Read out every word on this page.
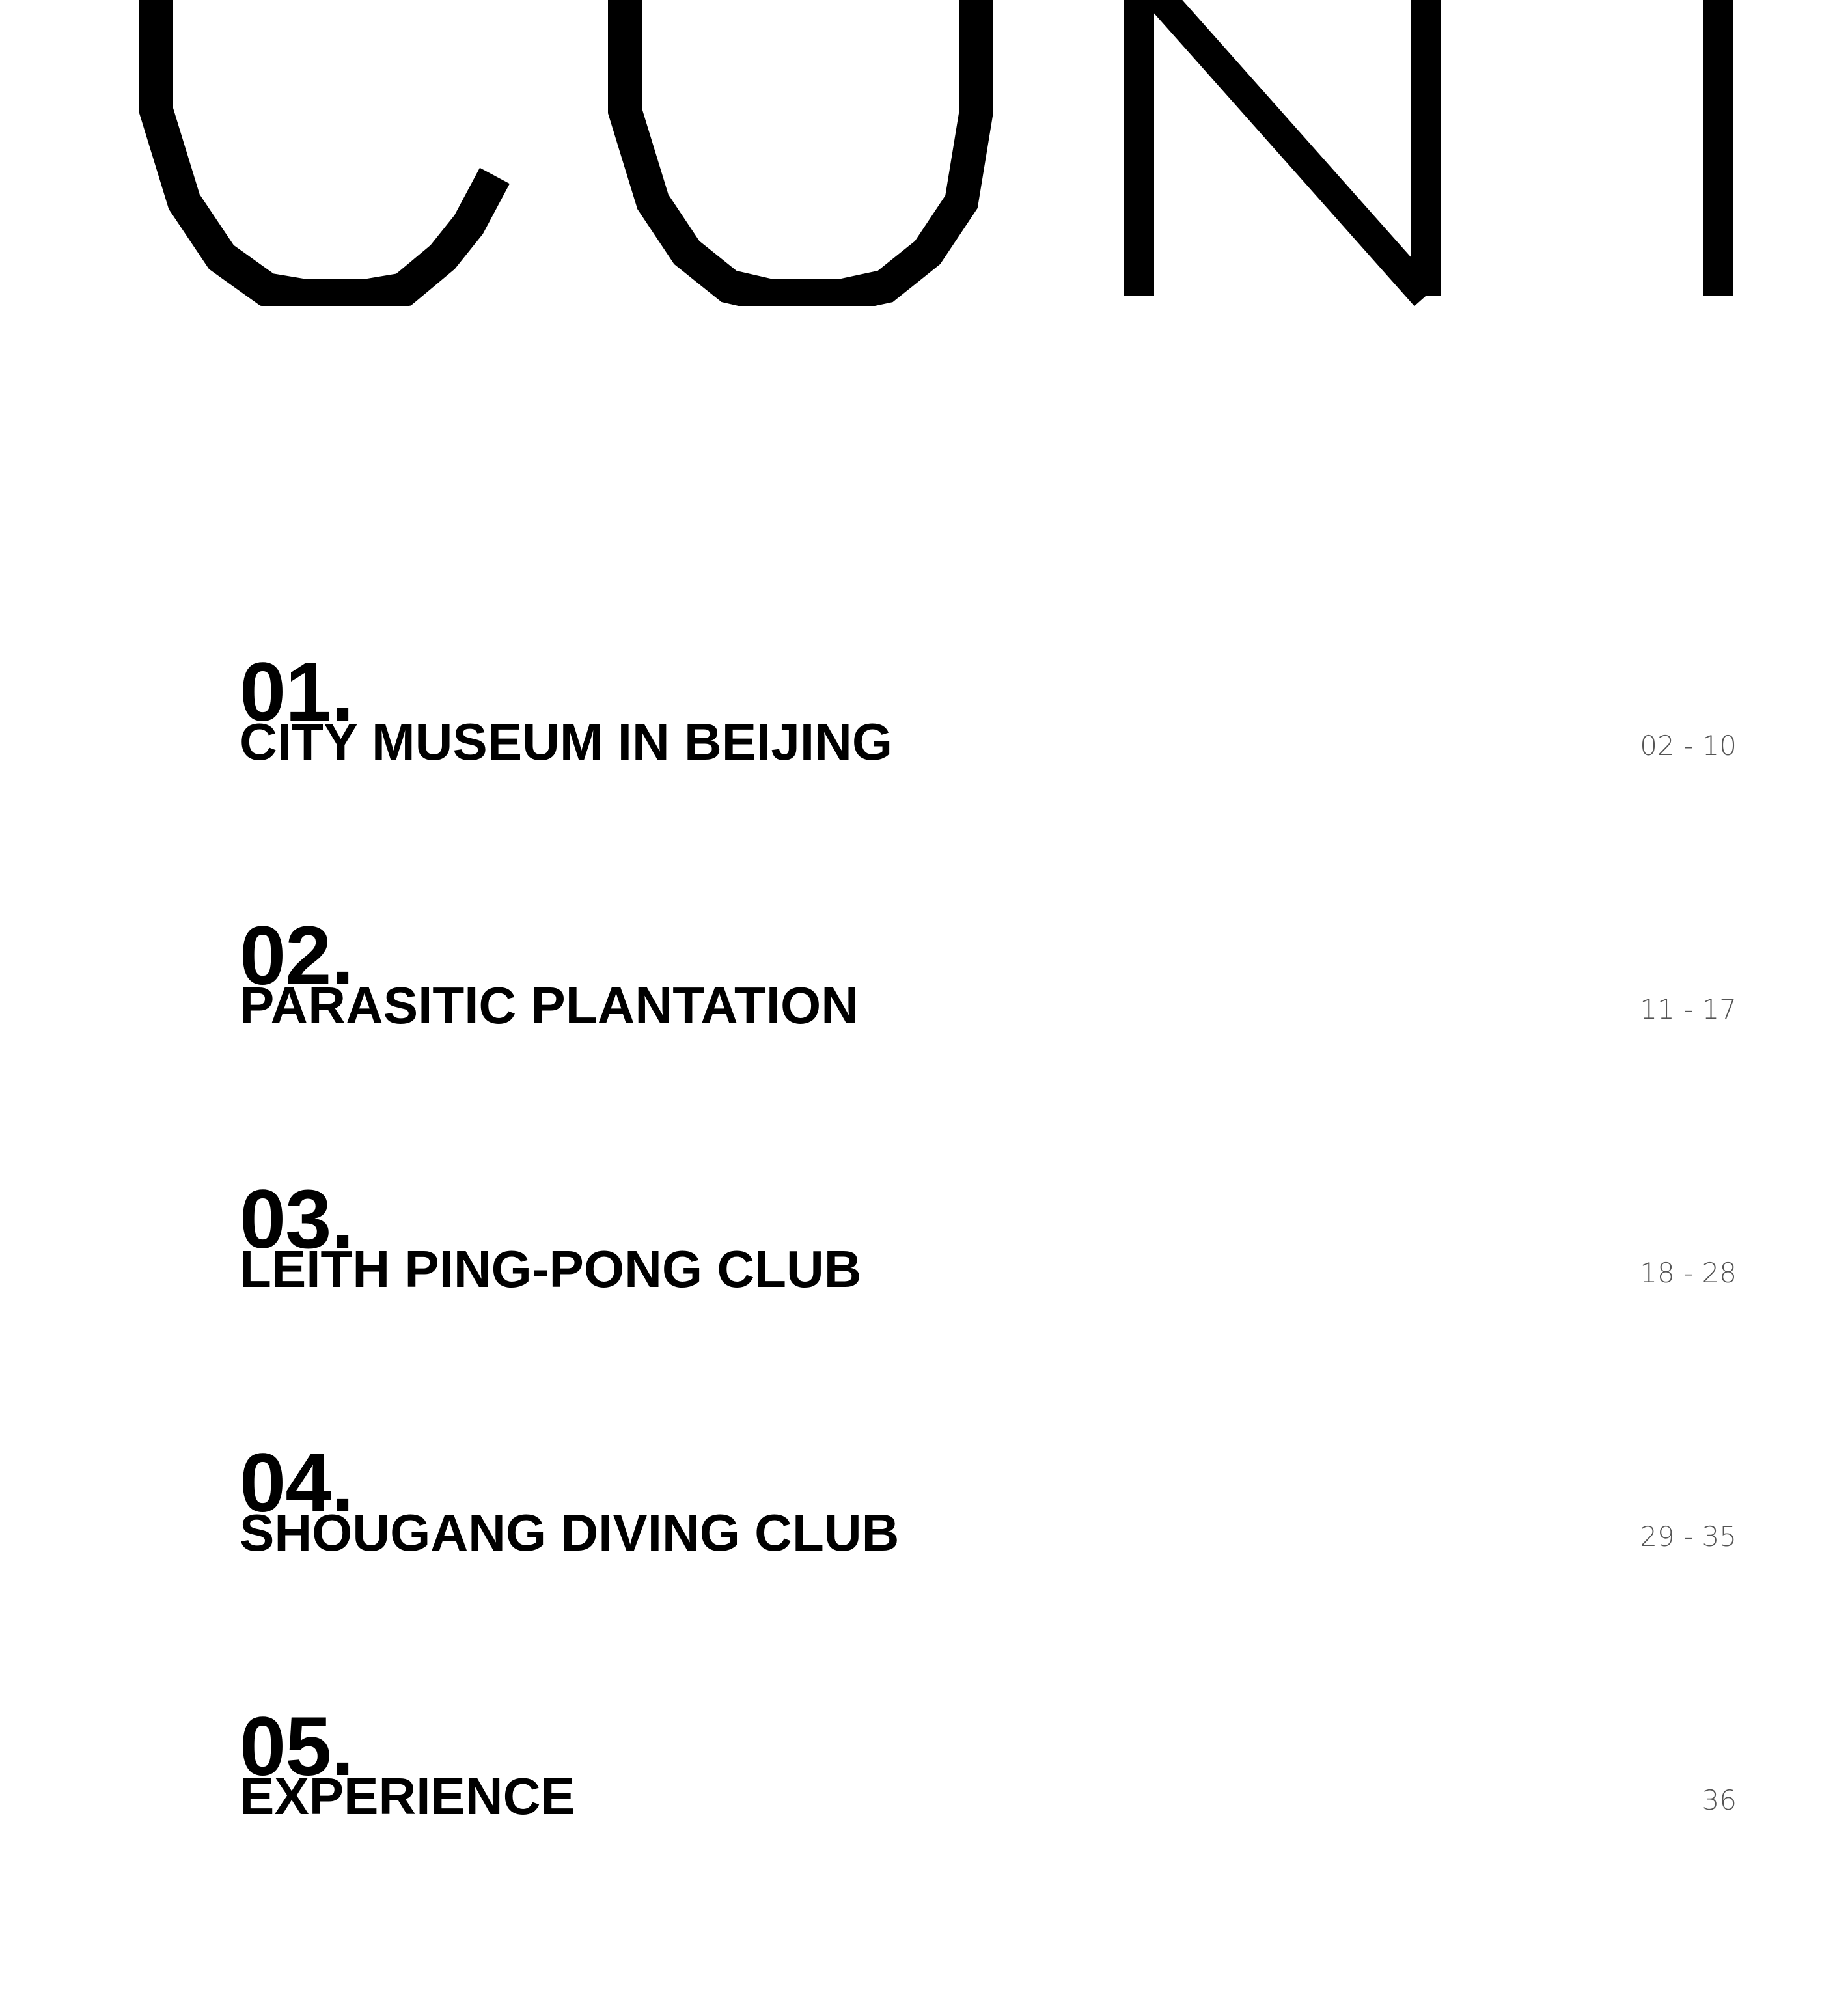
01.
CITY MUSEUM IN BEIJING	02 - 10
02.
PARASITIC PLANTATION	11 - 17
03.
LEITH PING-PONG CLUB	18 - 28
04.
SHOUGANG DIVING CLUB	29 - 35
05.
EXPERIENCE	36
